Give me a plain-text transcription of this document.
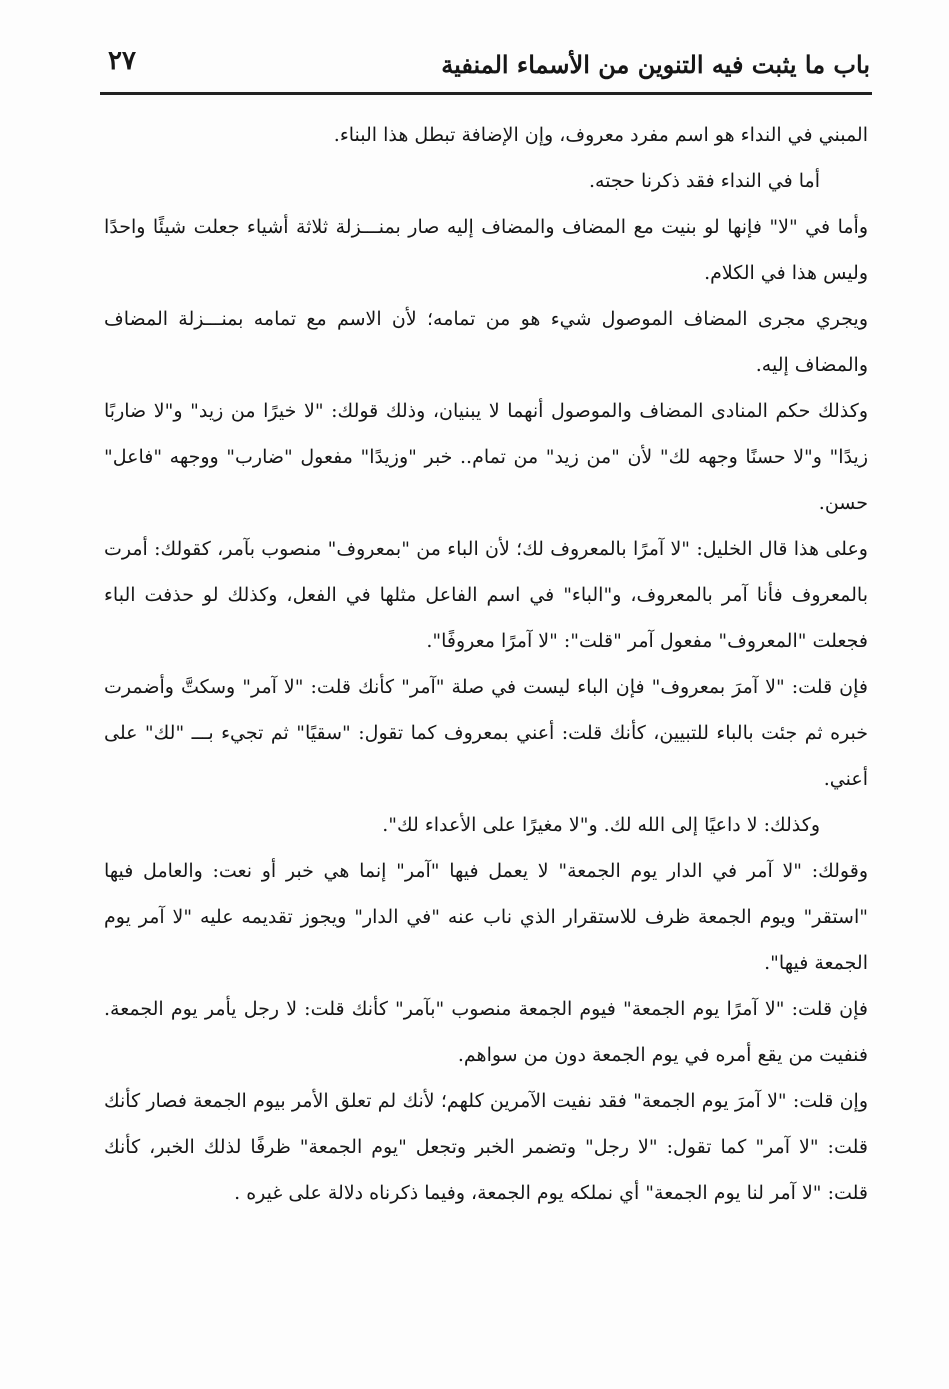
٢٧	باب ما يثبت فيه التنوين من الأسماء المنفية

المبني في النداء هو اسم مفرد معروف، وإن الإضافة تبطل هذا البناء.

أما في النداء فقد ذكرنا حجته.

وأما في "لا" فإنها لو بنيت مع المضاف والمضاف إليه صار بمنـــزلة ثلاثة أشياء جعلت شيئًا واحدًا وليس هذا في الكلام.

ويجري مجرى المضاف الموصول شيء هو من تمامه؛ لأن الاسم مع تمامه بمنـــزلة المضاف والمضاف إليه.

وكذلك حكم المنادى المضاف والموصول أنهما لا يبنيان، وذلك قولك: "لا خيرًا من زيد" و"لا ضاربًا زيدًا" و"لا حسنًا وجهه لك" لأن "من زيد" من تمام.. خبر "وزيدًا" مفعول "ضارب" ووجهه "فاعل" حسن.

وعلى هذا قال الخليل: "لا آمرًا بالمعروف لك؛ لأن الباء من "بمعروف" منصوب بآمر، كقولك: أمرت بالمعروف فأنا آمر بالمعروف، و"الباء" في اسم الفاعل مثلها في الفعل، وكذلك لو حذفت الباء فجعلت "المعروف" مفعول آمر "قلت": "لا آمرًا معروفًا".

فإن قلت: "لا آمرَ بمعروف" فإن الباء ليست في صلة "آمر" كأنك قلت: "لا آمر" وسكتَّ وأضمرت خبره ثم جئت بالباء للتبيين، كأنك قلت: أعني بمعروف كما تقول: "سقيًا" ثم تجيء بـــ "لك" على أعني.

وكذلك: لا داعيًا إلى الله لك. و"لا مغيرًا على الأعداء لك".

وقولك: "لا آمر في الدار يوم الجمعة" لا يعمل فيها "آمر" إنما هي خبر أو نعت: والعامل فيها "استقر" ويوم الجمعة ظرف للاستقرار الذي ناب عنه "في الدار" ويجوز تقديمه عليه "لا آمر يوم الجمعة فيها".

فإن قلت: "لا آمرًا يوم الجمعة" فيوم الجمعة منصوب "بآمر" كأنك قلت: لا رجل يأمر يوم الجمعة. فنفيت من يقع أمره في يوم الجمعة دون من سواهم.

وإن قلت: "لا آمرَ يوم الجمعة" فقد نفيت الآمرين كلهم؛ لأنك لم تعلق الأمر بيوم الجمعة فصار كأنك قلت: "لا آمر" كما تقول: "لا رجل" وتضمر الخبر وتجعل "يوم الجمعة" ظرفًا لذلك الخبر، كأنك قلت: "لا آمر لنا يوم الجمعة" أي نملكه يوم الجمعة، وفيما ذكرناه دلالة على غيره .
